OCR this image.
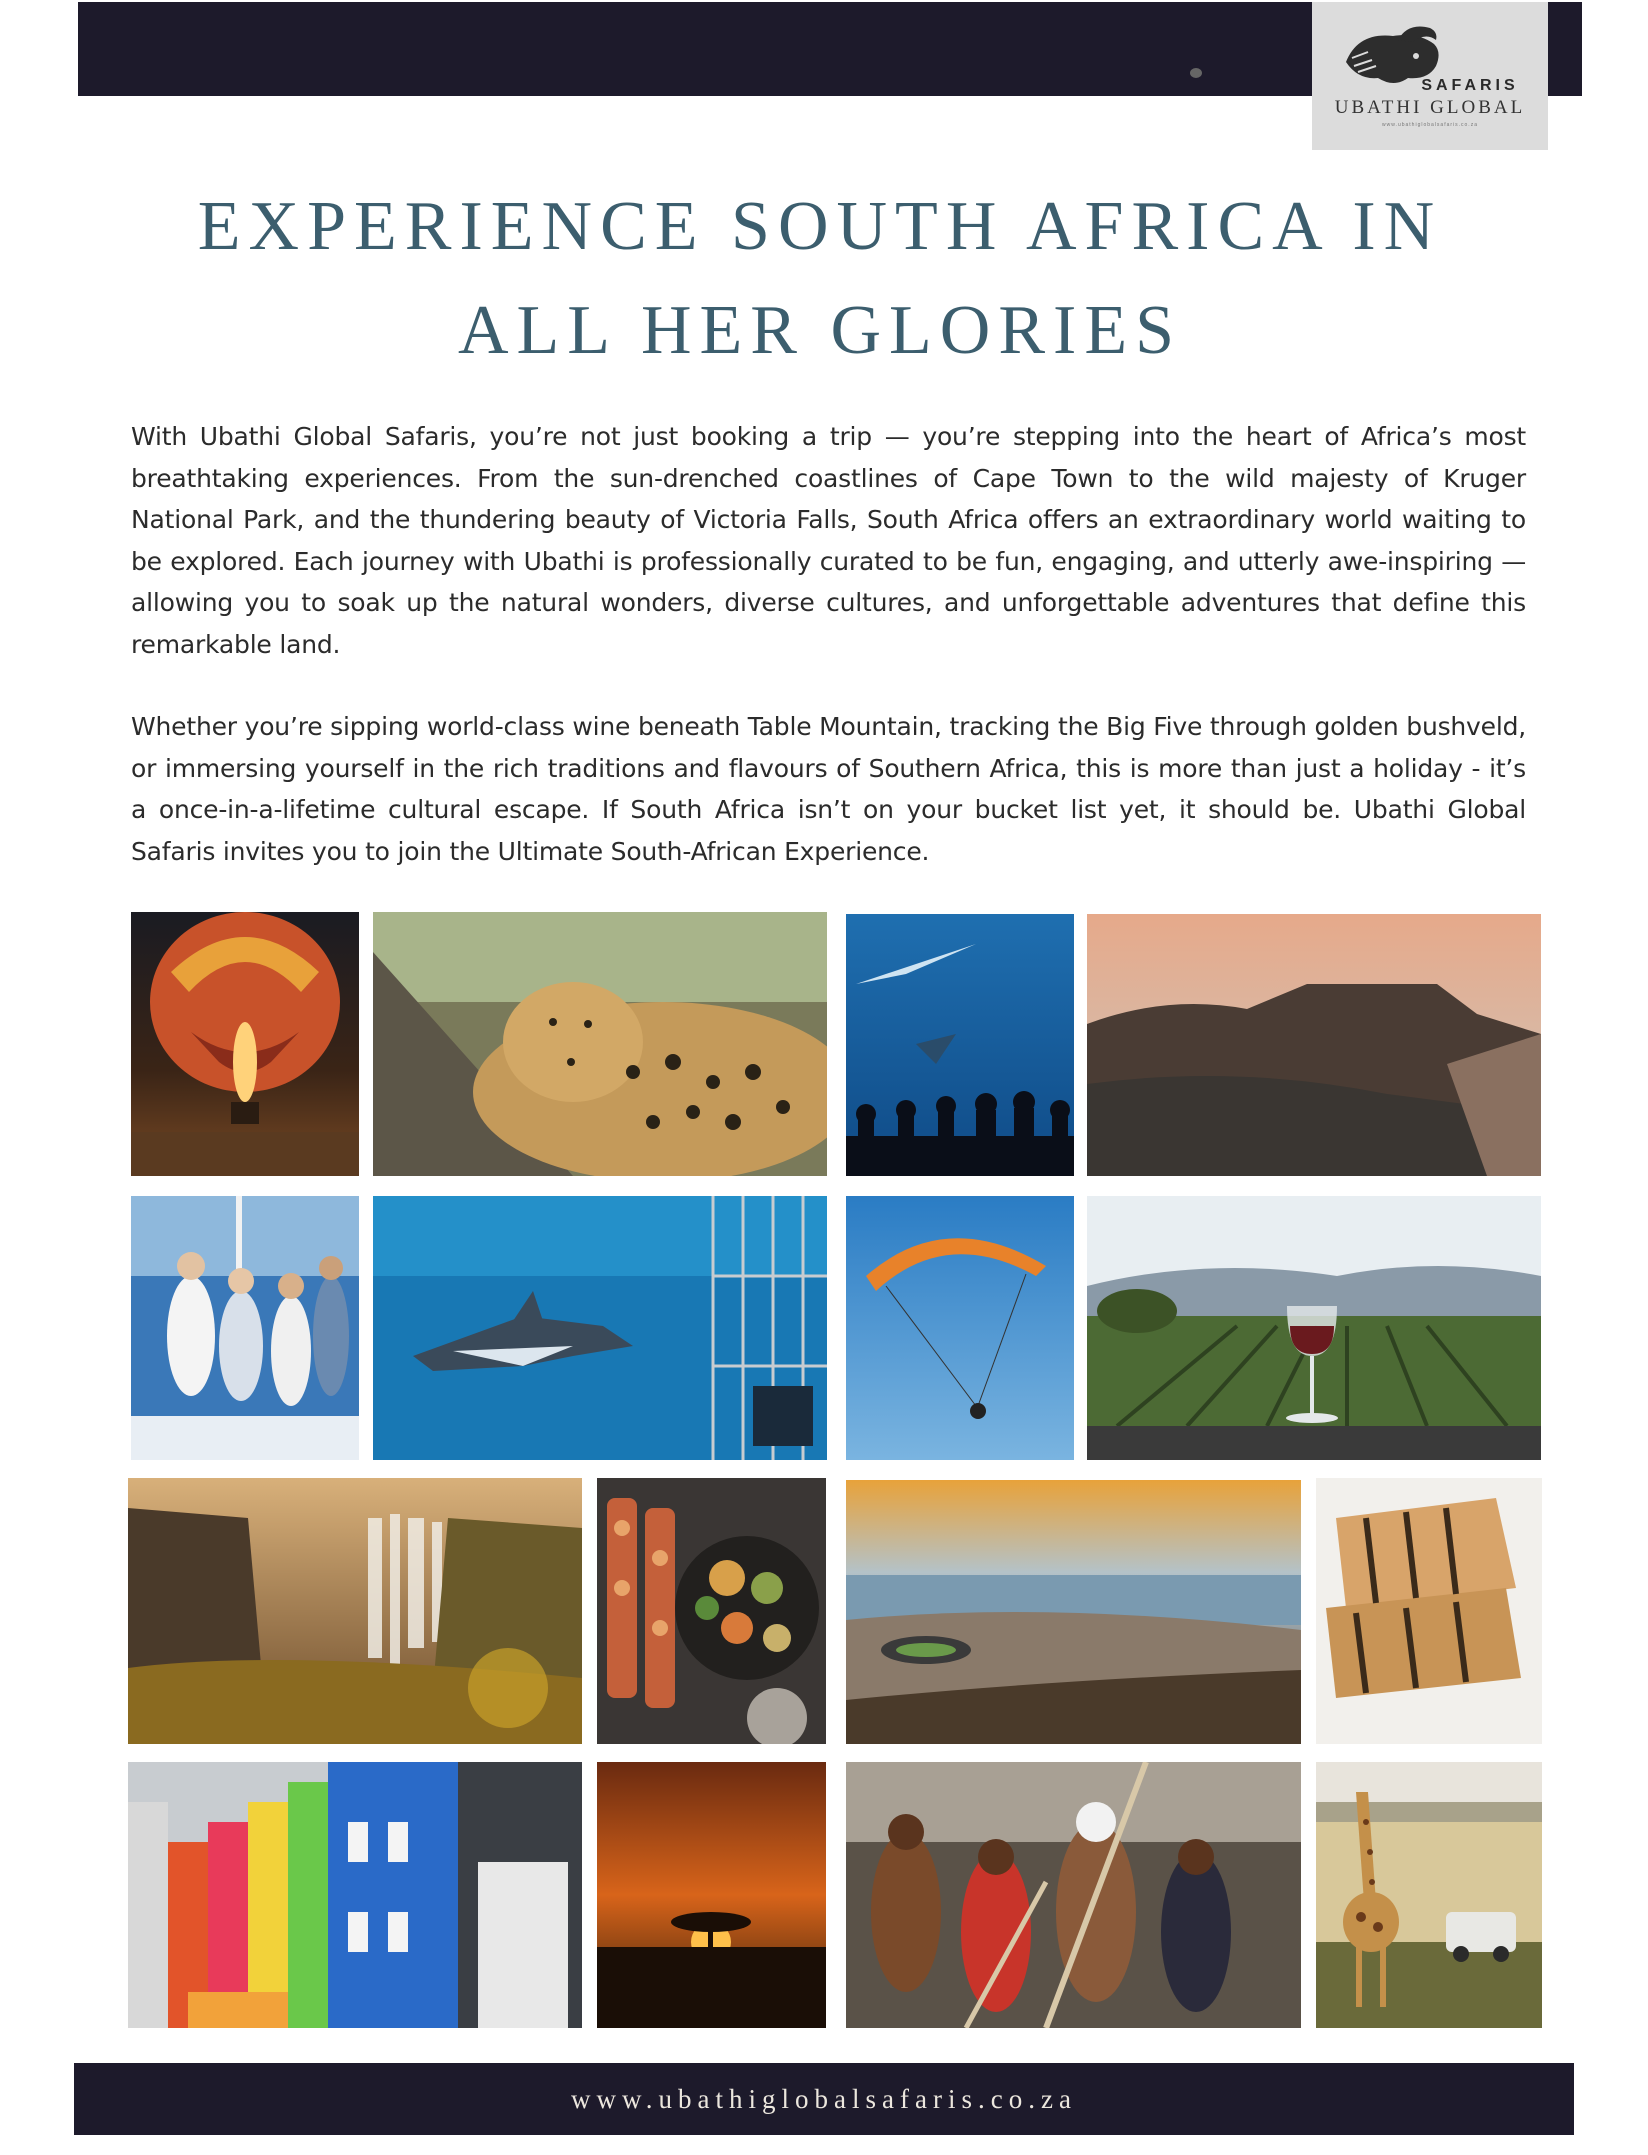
SAFARIS
UBATHI GLOBAL
www.ubathiglobalsafaris.co.za
EXPERIENCE SOUTH AFRICA IN
ALL HER GLORIES

With Ubathi Global Safaris, you’re not just booking a trip — you’re stepping into the heart of Africa’s most breathtaking experiences. From the sun-drenched coastlines of Cape Town to the wild majesty of Kruger National Park, and the thundering beauty of Victoria Falls, South Africa offers an extraordinary world waiting to be explored. Each journey with Ubathi is professionally curated to be fun, engaging, and utterly awe-inspiring — allowing you to soak up the natural wonders, diverse cultures, and unforgettable adventures that define this remarkable land.

Whether you’re sipping world-class wine beneath Table Mountain, tracking the Big Five through golden bushveld, or immersing yourself in the rich traditions and flavours of Southern Africa, this is more than just a holiday - it’s a once-in-a-lifetime cultural escape. If South Africa isn’t on your bucket list yet, it should be. Ubathi Global Safaris invites you to join the Ultimate South-African Experience.

www.ubathiglobalsafaris.co.za
